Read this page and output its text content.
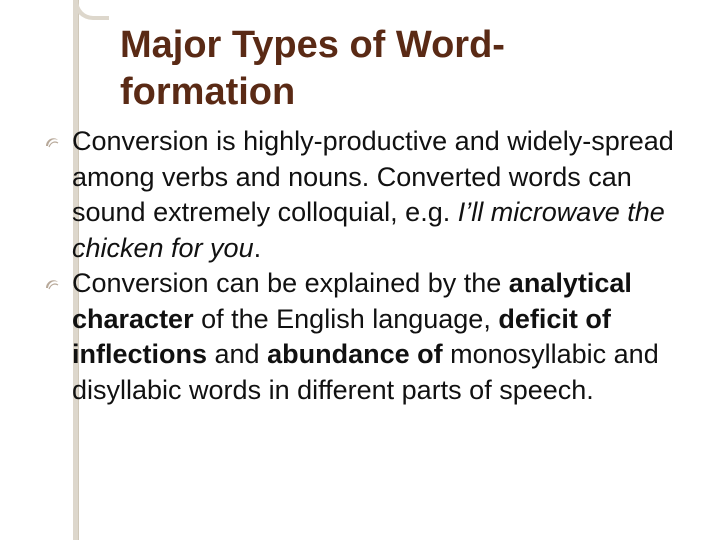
Major Types of Word-formation

Conversion is highly-productive and widely-spread among verbs and nouns. Converted words can sound extremely colloquial, e.g. I’ll microwave the chicken for you.

Conversion can be explained by the analytical character of the English language, deficit of inflections and abundance of monosyllabic and disyllabic words in different parts of speech.
